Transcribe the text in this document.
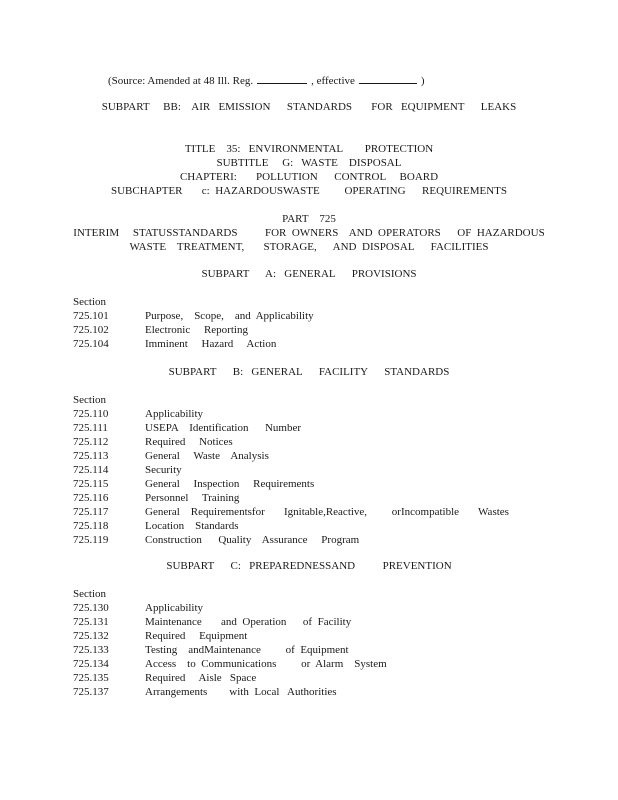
(Source: Amended at 48 Ill. Reg.	, effective	)
SUBPART     BB:    AIR   EMISSION      STANDARDS       FOR   EQUIPMENT      LEAKS
TITLE    35:   ENVIRONMENTAL        PROTECTION
SUBTITLE     G:   WASTE    DISPOSAL
CHAPTERI:       POLLUTION      CONTROL     BOARD
SUBCHAPTER       c:  HAZARDOUSWASTE         OPERATING      REQUIREMENTS
PART    725
INTERIM     STATUSSTANDARDS          FOR  OWNERS    AND  OPERATORS      OF  HAZARDOUS
WASTE    TREATMENT,       STORAGE,      AND  DISPOSAL      FACILITIES
SUBPART      A:   GENERAL      PROVISIONS
Section
725.101	Purpose,    Scope,    and  Applicability
725.102	Electronic     Reporting
725.104	Imminent     Hazard     Action
SUBPART      B:   GENERAL      FACILITY      STANDARDS
Section
725.110	Applicability
725.111	USEPA    Identification      Number
725.112	Required     Notices
725.113	General     Waste    Analysis
725.114	Security
725.115	General     Inspection     Requirements
725.116	Personnel     Training
725.117	General    Requirementsfor       Ignitable,Reactive,         orIncompatible       Wastes
725.118	Location    Standards
725.119	Construction      Quality    Assurance     Program
SUBPART      C:   PREPAREDNESSAND          PREVENTION
Section
725.130	Applicability
725.131	Maintenance       and  Operation      of  Facility
725.132	Required     Equipment
725.133	Testing    andMaintenance         of  Equipment
725.134	Access    to  Communications         or  Alarm    System
725.135	Required     Aisle   Space
725.137	Arrangements        with  Local   Authorities
